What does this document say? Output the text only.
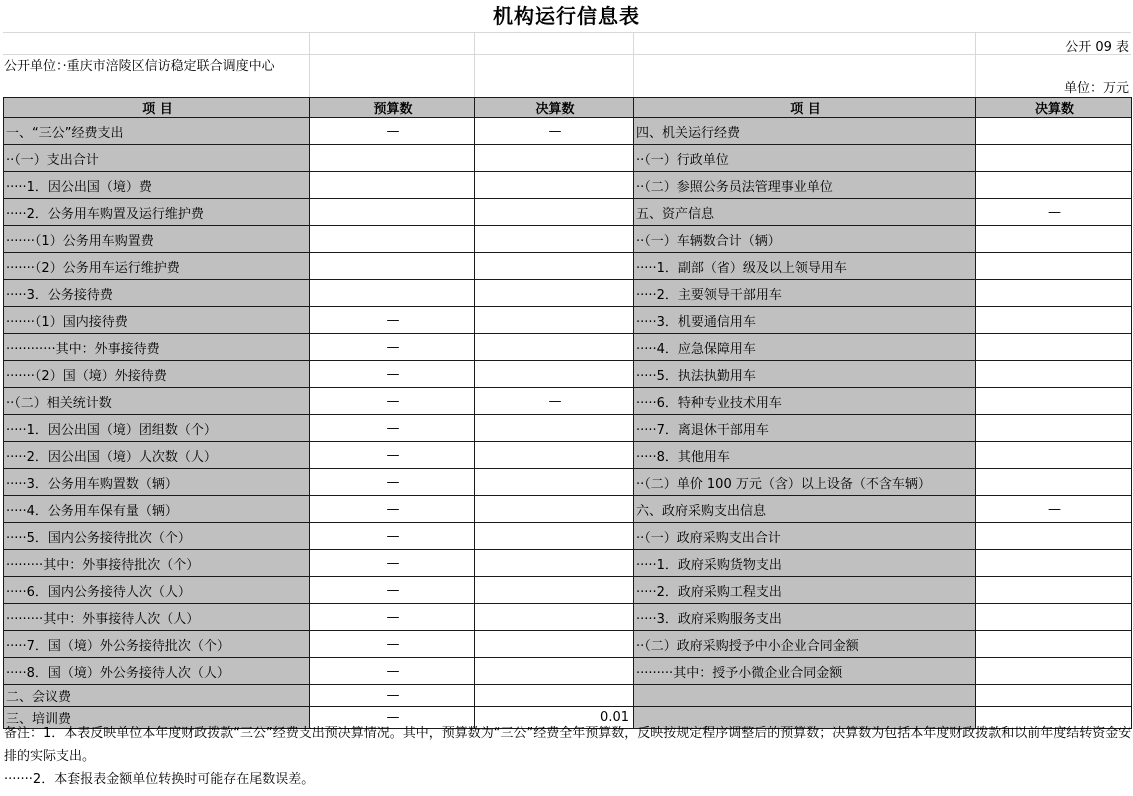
机构运行信息表
公开 09 表
公开单位：·重庆市涪陵区信访稳定联合调度中心
单位：万元
项 目	预算数	决算数	项 目	决算数
一、“三公”经费支出	—	—	四、机关运行经费	
··（一）支出合计			··（一）行政单位	
·····1．因公出国（境）费			··（二）参照公务员法管理事业单位	
·····2．公务用车购置及运行维护费			五、资产信息	—
·······（1）公务用车购置费			··（一）车辆数合计（辆）	
·······（2）公务用车运行维护费			·····1．副部（省）级及以上领导用车	
·····3．公务接待费			·····2．主要领导干部用车	
·······（1）国内接待费	—		·····3．机要通信用车	
············其中：外事接待费	—		·····4．应急保障用车	
·······（2）国（境）外接待费	—		·····5．执法执勤用车	
··（二）相关统计数	—	—	·····6．特种专业技术用车	
·····1．因公出国（境）团组数（个）	—		·····7．离退休干部用车	
·····2．因公出国（境）人次数（人）	—		·····8．其他用车	
·····3．公务用车购置数（辆）	—		··（二）单价 100 万元（含）以上设备（不含车辆）	
·····4．公务用车保有量（辆）	—		六、政府采购支出信息	—
·····5．国内公务接待批次（个）	—		··（一）政府采购支出合计	
·········其中：外事接待批次（个）	—		·····1．政府采购货物支出	
·····6．国内公务接待人次（人）	—		·····2．政府采购工程支出	
·········其中：外事接待人次（人）	—		·····3．政府采购服务支出	
·····7．国（境）外公务接待批次（个）	—		··（二）政府采购授予中小企业合同金额	
·····8．国（境）外公务接待人次（人）	—		·········其中：授予小微企业合同金额	
二、会议费	—			
三、培训费	—	0.01		
备注：1．本表反映单位本年度财政拨款“三公”经费支出预决算情况。其中，预算数为“三公”经费全年预算数，反映按规定程序调整后的预算数；决算数为包括本年度财政拨款和以前年度结转资金安排的实际支出。
·······2．本套报表金额单位转换时可能存在尾数误差。
